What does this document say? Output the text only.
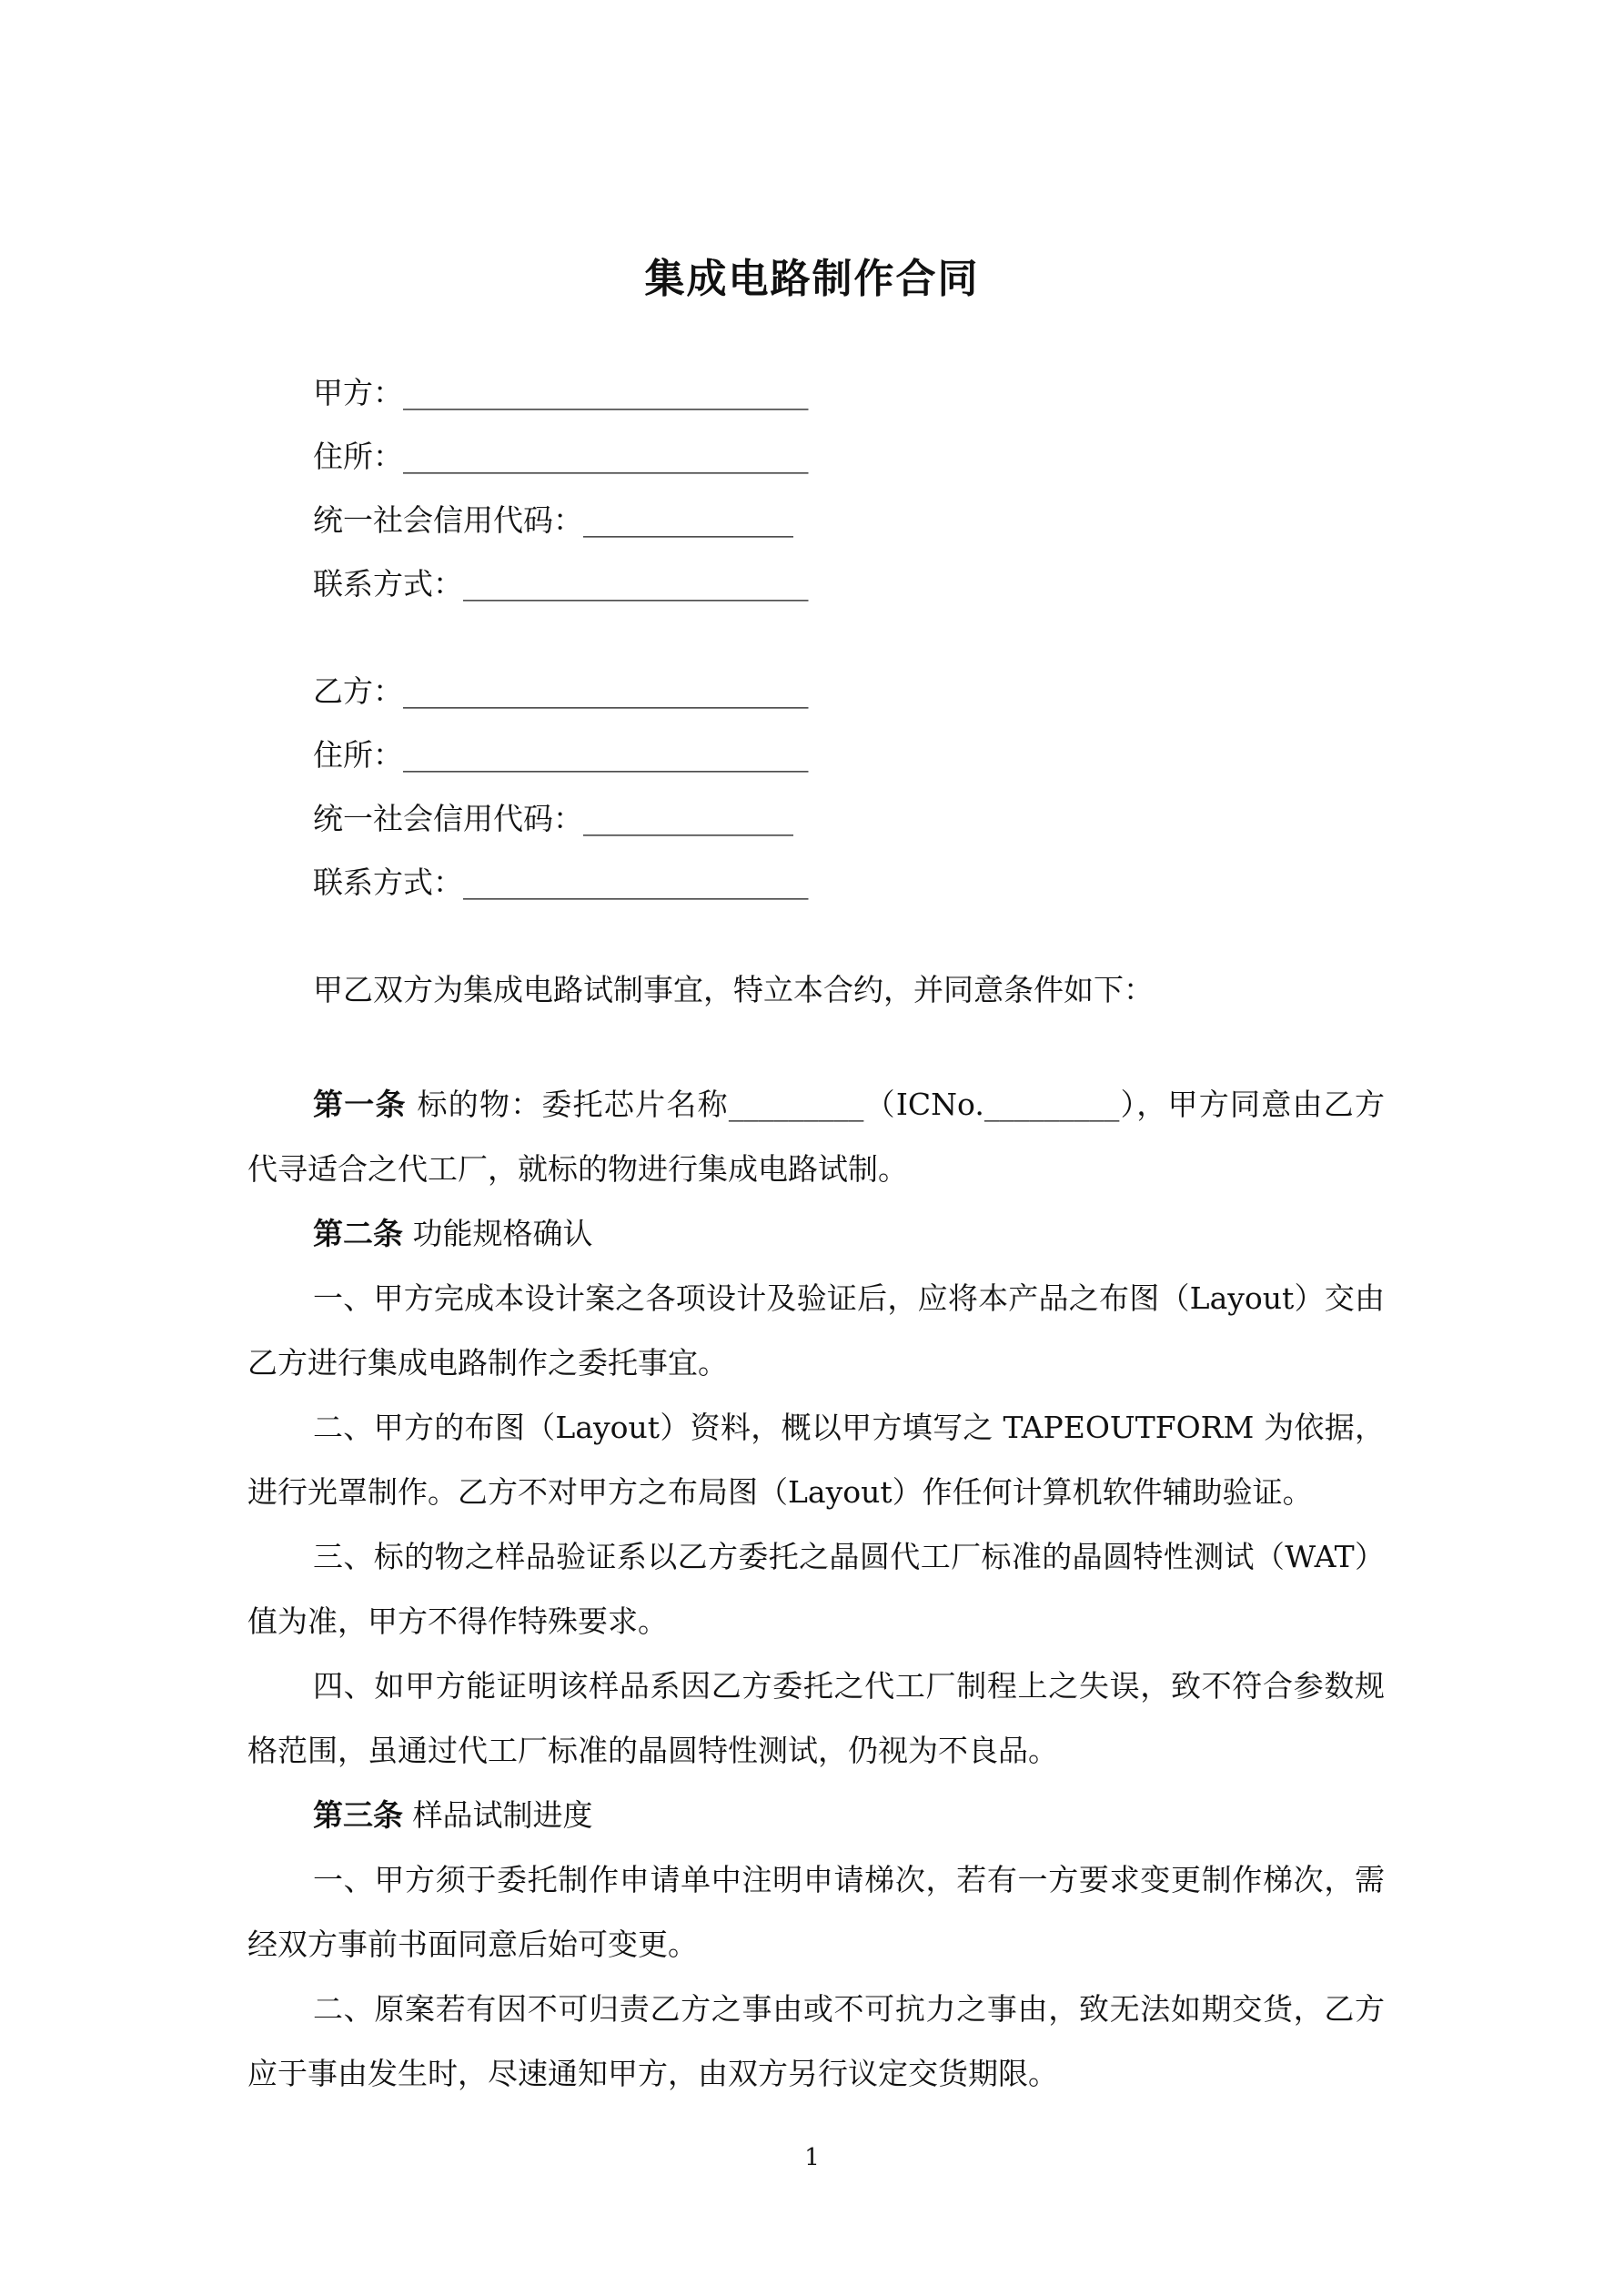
集成电路制作合同
甲方：___________________________
住所：___________________________
统一社会信用代码：______________
联系方式：_______________________
乙方：___________________________
住所：___________________________
统一社会信用代码：______________
联系方式：_______________________
甲乙双方为集成电路试制事宜，特立本合约，并同意条件如下：

第一条 标的物：委托芯片名称_________（ICNo._________），甲方同意由乙方代寻适合之代工厂，就标的物进行集成电路试制。

第二条 功能规格确认

一、甲方完成本设计案之各项设计及验证后，应将本产品之布图（Layout）交由乙方进行集成电路制作之委托事宜。

二、甲方的布图（Layout）资料，概以甲方填写之 TAPEOUTFORM 为依据，进行光罩制作。乙方不对甲方之布局图（Layout）作任何计算机软件辅助验证。

三、标的物之样品验证系以乙方委托之晶圆代工厂标准的晶圆特性测试（WAT）值为准，甲方不得作特殊要求。

四、如甲方能证明该样品系因乙方委托之代工厂制程上之失误，致不符合参数规格范围，虽通过代工厂标准的晶圆特性测试，仍视为不良品。

第三条 样品试制进度

一、甲方须于委托制作申请单中注明申请梯次，若有一方要求变更制作梯次，需经双方事前书面同意后始可变更。

二、原案若有因不可归责乙方之事由或不可抗力之事由，致无法如期交货，乙方应于事由发生时，尽速通知甲方，由双方另行议定交货期限。

1
